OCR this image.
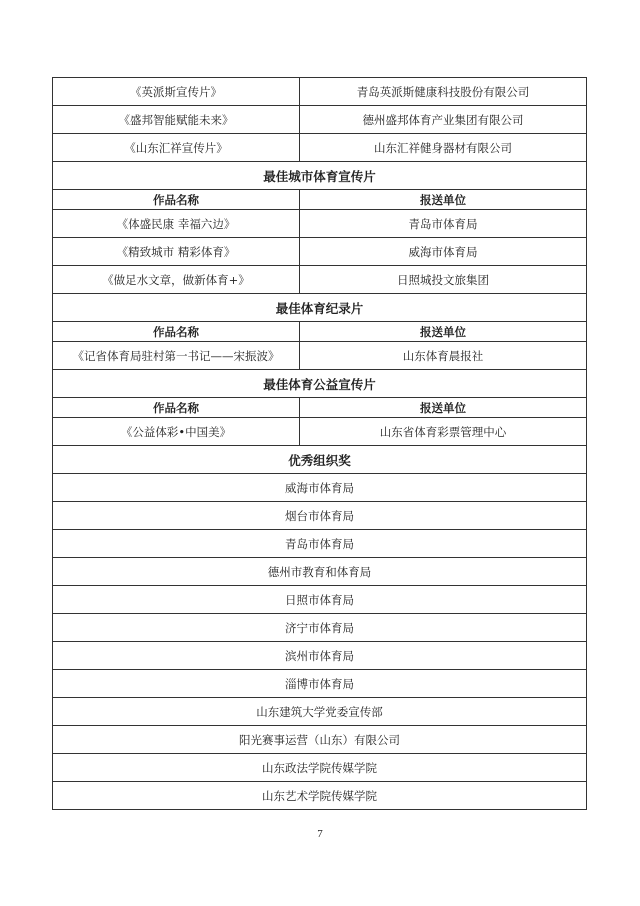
《英派斯宣传片》	青岛英派斯健康科技股份有限公司
《盛邦智能赋能未来》	德州盛邦体育产业集团有限公司
《山东汇祥宣传片》	山东汇祥健身器材有限公司
最佳城市体育宣传片	
作品名称	报送单位
《体盛民康 幸福六边》	青岛市体育局
《精致城市 精彩体育》	威海市体育局
《做足水文章，做新体育+》	日照城投文旅集团
最佳体育纪录片	
作品名称	报送单位
《记省体育局驻村第一书记——宋振波》	山东体育晨报社
最佳体育公益宣传片	
作品名称	报送单位
《公益体彩•中国美》	山东省体育彩票管理中心
优秀组织奖	
威海市体育局	
烟台市体育局	
青岛市体育局	
德州市教育和体育局	
日照市体育局	
济宁市体育局	
滨州市体育局	
淄博市体育局	
山东建筑大学党委宣传部	
阳光赛事运营（山东）有限公司	
山东政法学院传媒学院	
山东艺术学院传媒学院	
7
